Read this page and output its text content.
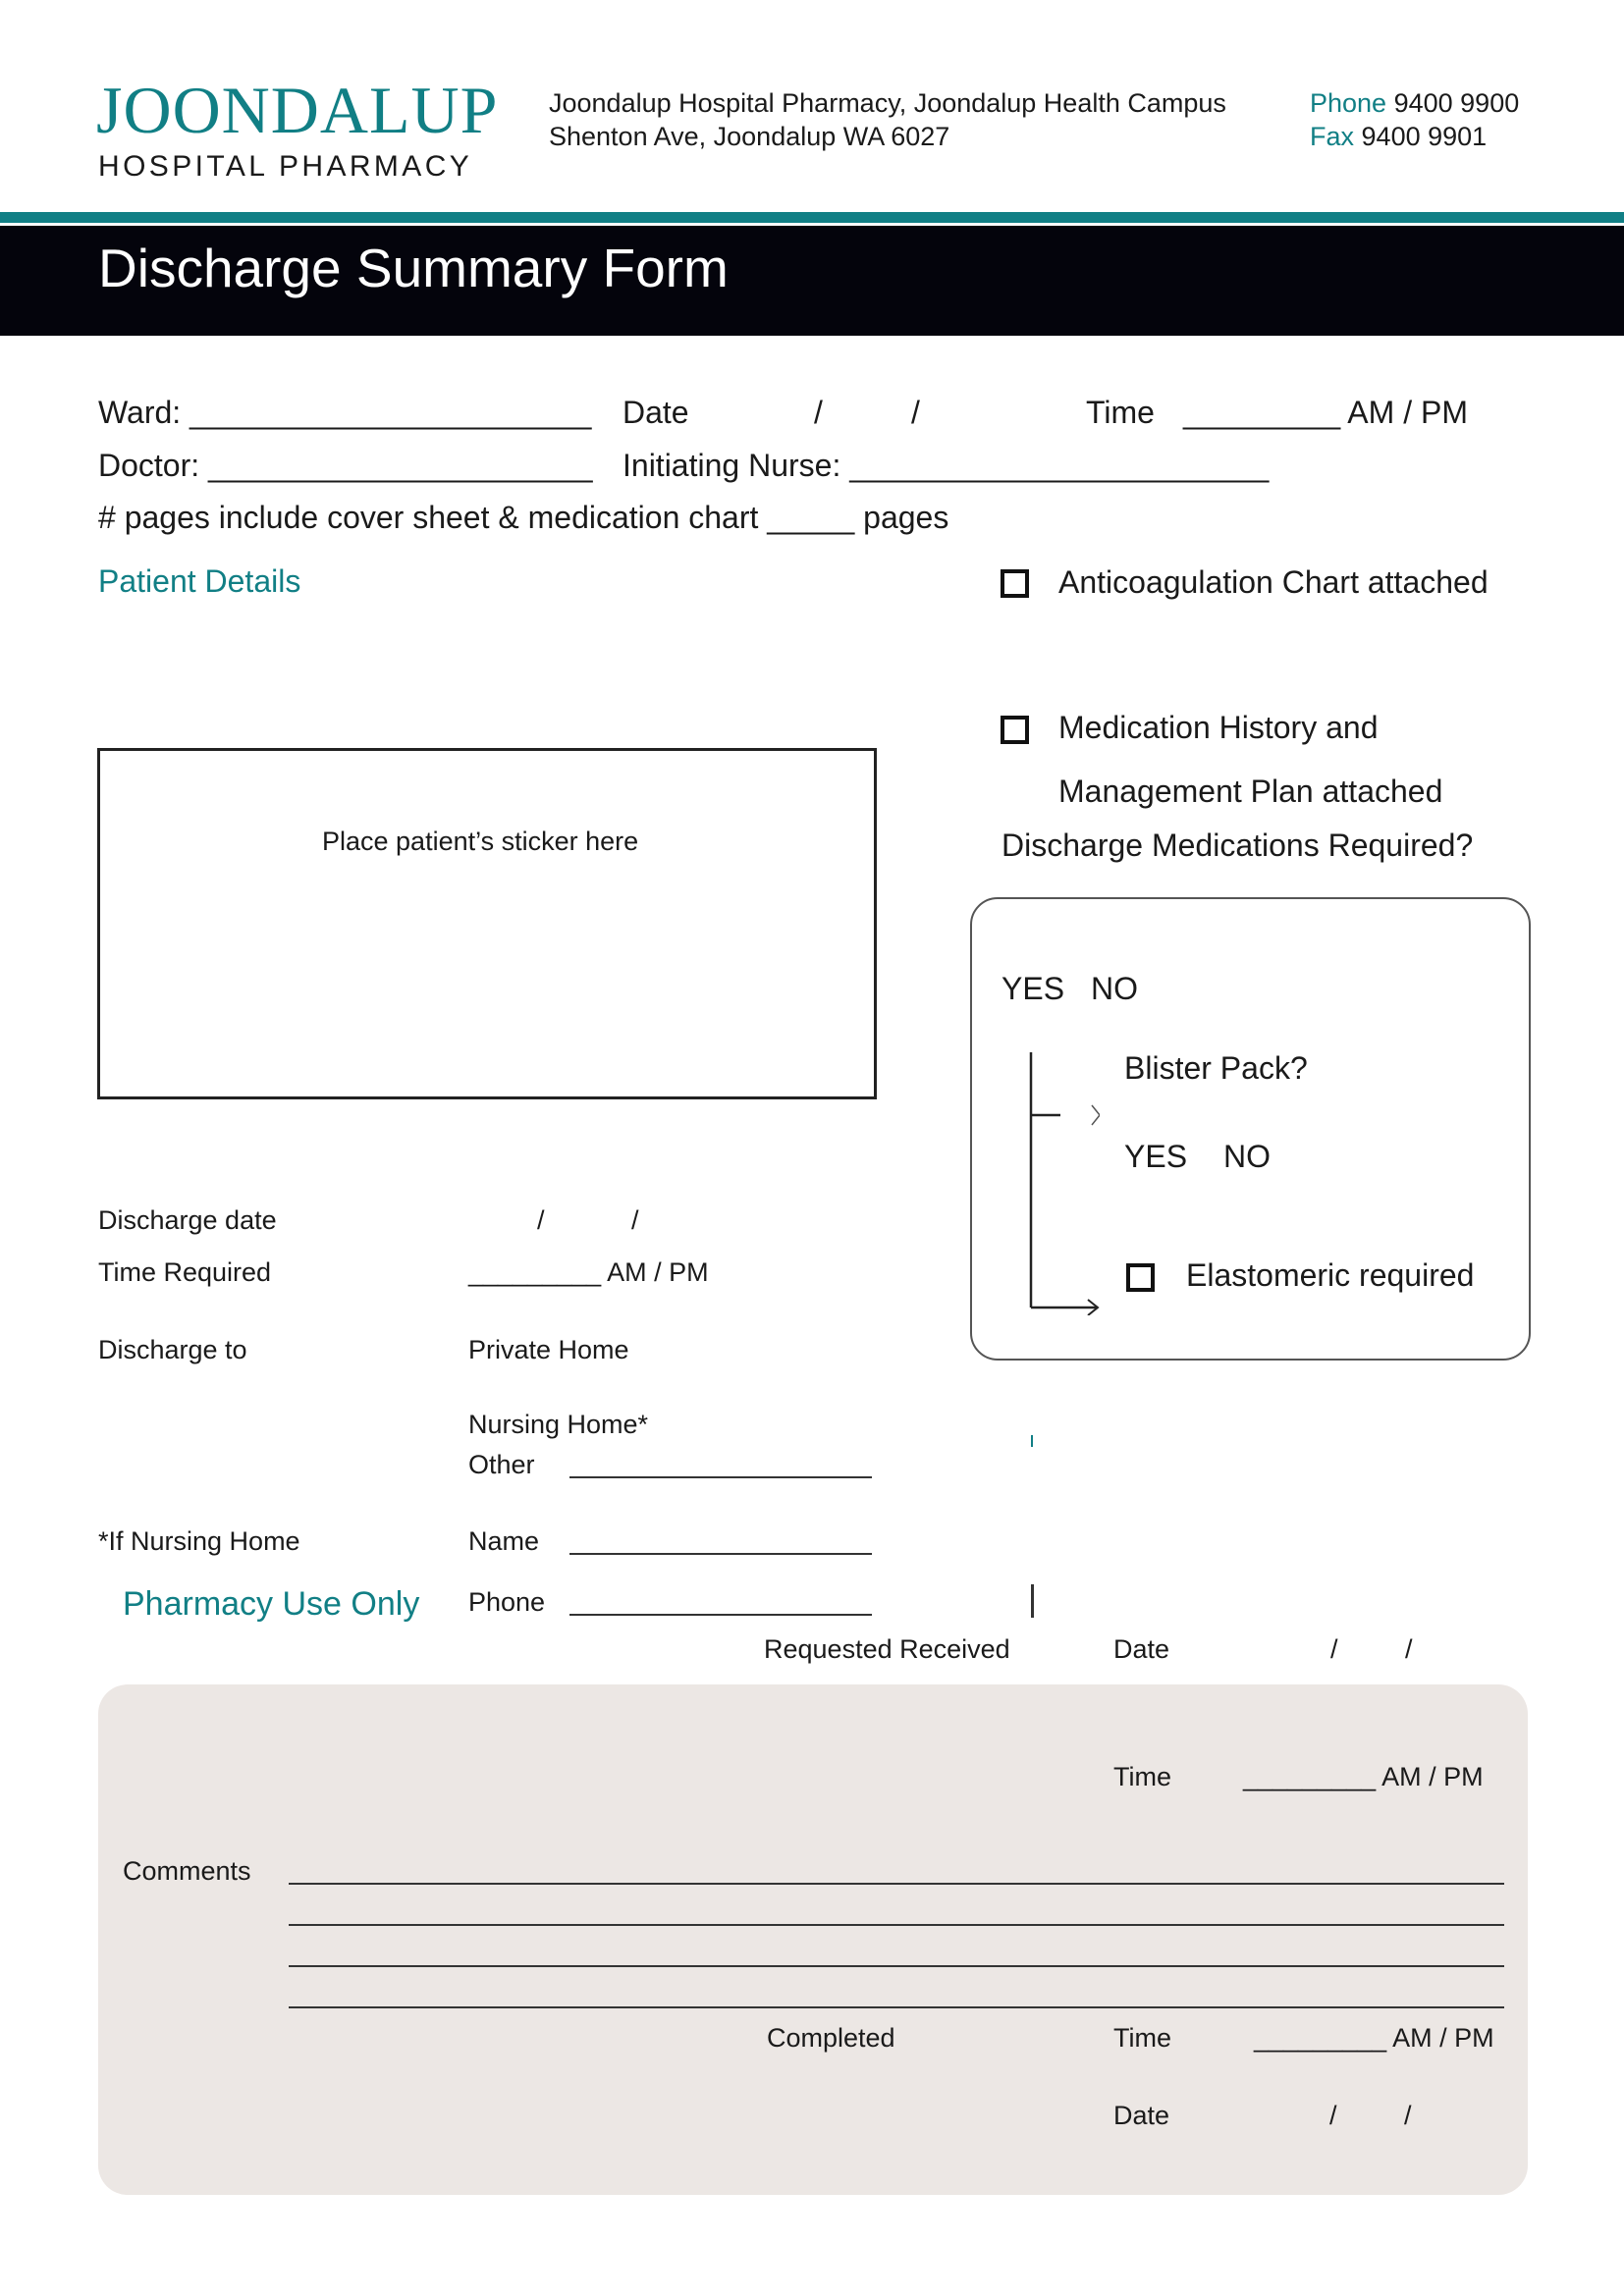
JOONDALUP
HOSPITAL PHARMACY
Joondalup Hospital Pharmacy, Joondalup Health Campus
Shenton Ave, Joondalup WA 6027
Phone 9400 9900
Fax 9400 9901
Discharge Summary Form
Ward: _______________________ Date	/	/	Time _________ AM / PM
Doctor: ______________________ Initiating Nurse: ________________________
# pages include cover sheet & medication chart _____ pages
Patient Details
Place patient’s sticker here
Anticoagulation Chart attached
Medication History and
Management Plan attached
Discharge Medications Required?
YES NO
Blister Pack?
YES NO
Elastomeric required
Discharge date	/	/
Time Required	_________ AM / PM
Discharge to	Private Home
Nursing Home*
Other
*If Nursing Home	Name
Phone
Pharmacy Use Only
Requested Received	Date	/	/
Time	_________ AM / PM
Comments
Completed	Time	_________ AM / PM
Date	/	/
